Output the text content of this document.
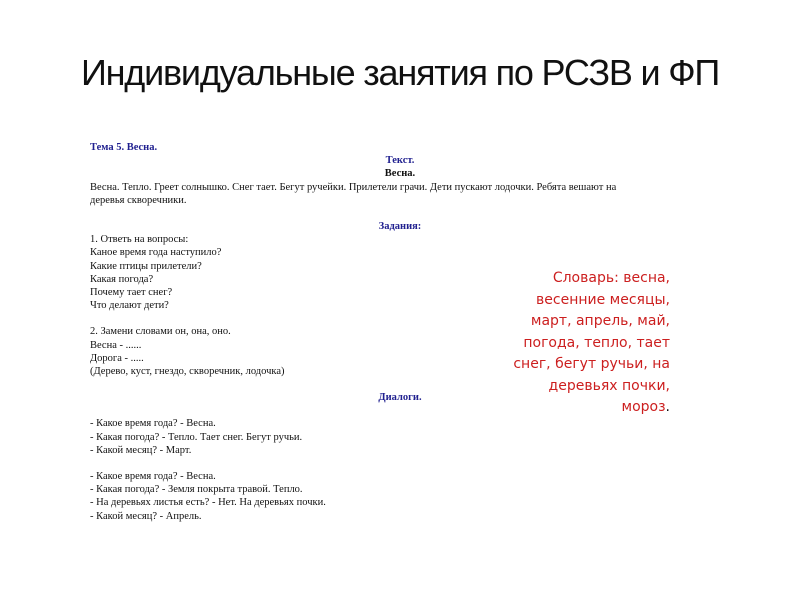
Индивидуальные занятия по РСЗВ и ФП
Тема 5. Весна.
Текст.
Весна.
Весна. Тепло. Греет солнышко. Снег тает. Бегут ручейки. Прилетели грачи. Дети пускают лодочки. Ребята вешают на
деревья скворечники.
Задания:
1. Ответь на вопросы:
Каное время года наступило?
Какие птицы прилетели?
Какая погода?
Почему тает снег?
Что делают дети?
2. Замени словами он, она, оно.
Весна - ......
Дорога - .....
(Дерево, куст, гнездо, скворечник, лодочка)
Диалоги.
- Какое время года? - Весна.
- Какая погода? - Тепло. Тает снег. Бегут ручьи.
- Какой месяц? - Март.
- Какое время года? - Весна.
- Какая погода? - Земля покрыта травой. Тепло.
- На деревьях листья есть? - Нет. На деревьях почки.
- Какой месяц? - Апрель.
Словарь: весна,
весенние месяцы,
март, апрель, май,
погода, тепло, тает
снег, бегут ручьи, на
деревьях почки,
мороз.
